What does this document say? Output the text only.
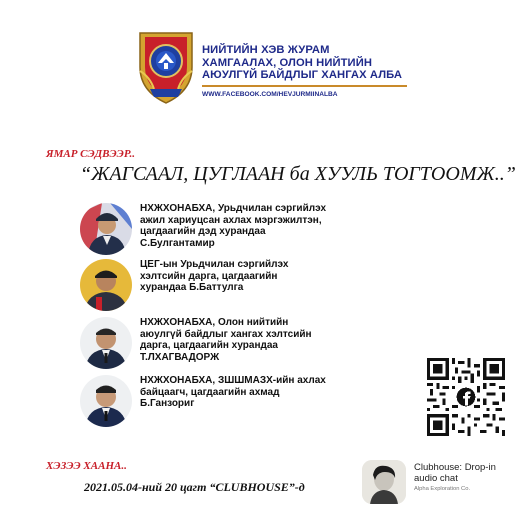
НИЙТИЙН ХЭВ ЖУРАМ
ХАМГААЛАХ, ОЛОН НИЙТИЙН
АЮУЛГҮЙ БАЙДЛЫГ ХАНГАХ АЛБА
WWW.FACEBOOK.COM/HEVJURMIINALBA
ЯМАР СЭДВЭЭР..
“ЖАГСААЛ, ЦУГЛААН ба ХУУЛЬ ТОГТООМЖ..”
НХЖХОНАБХА, Урьдчилан сэргийлэх
ажил хариуцсан ахлах мэргэжилтэн,
цагдаагийн дэд хурандаа
С.Булгантамир
ЦЕГ-ын Урьдчилан сэргийлэх
хэлтсийн дарга, цагдаагийн
хурандаа Б.Баттулга
НХЖХОНАБХА, Олон нийтийн
аюулгүй байдлыг хангах хэлтсийн
дарга, цагдаагийн хурандаа
Т.ЛХАГВАДОРЖ
НХЖХОНАБХА, ЗШШМАЗХ-ийн ахлах
байцаагч, цагдаагийн ахмад
Б.Ганзориг
ХЭЗЭЭ ХААНА..
2021.05.04-ний 20 цагт “CLUBHOUSE”-д
Clubhouse: Drop-in
audio chat
Alpha Exploration Co.
